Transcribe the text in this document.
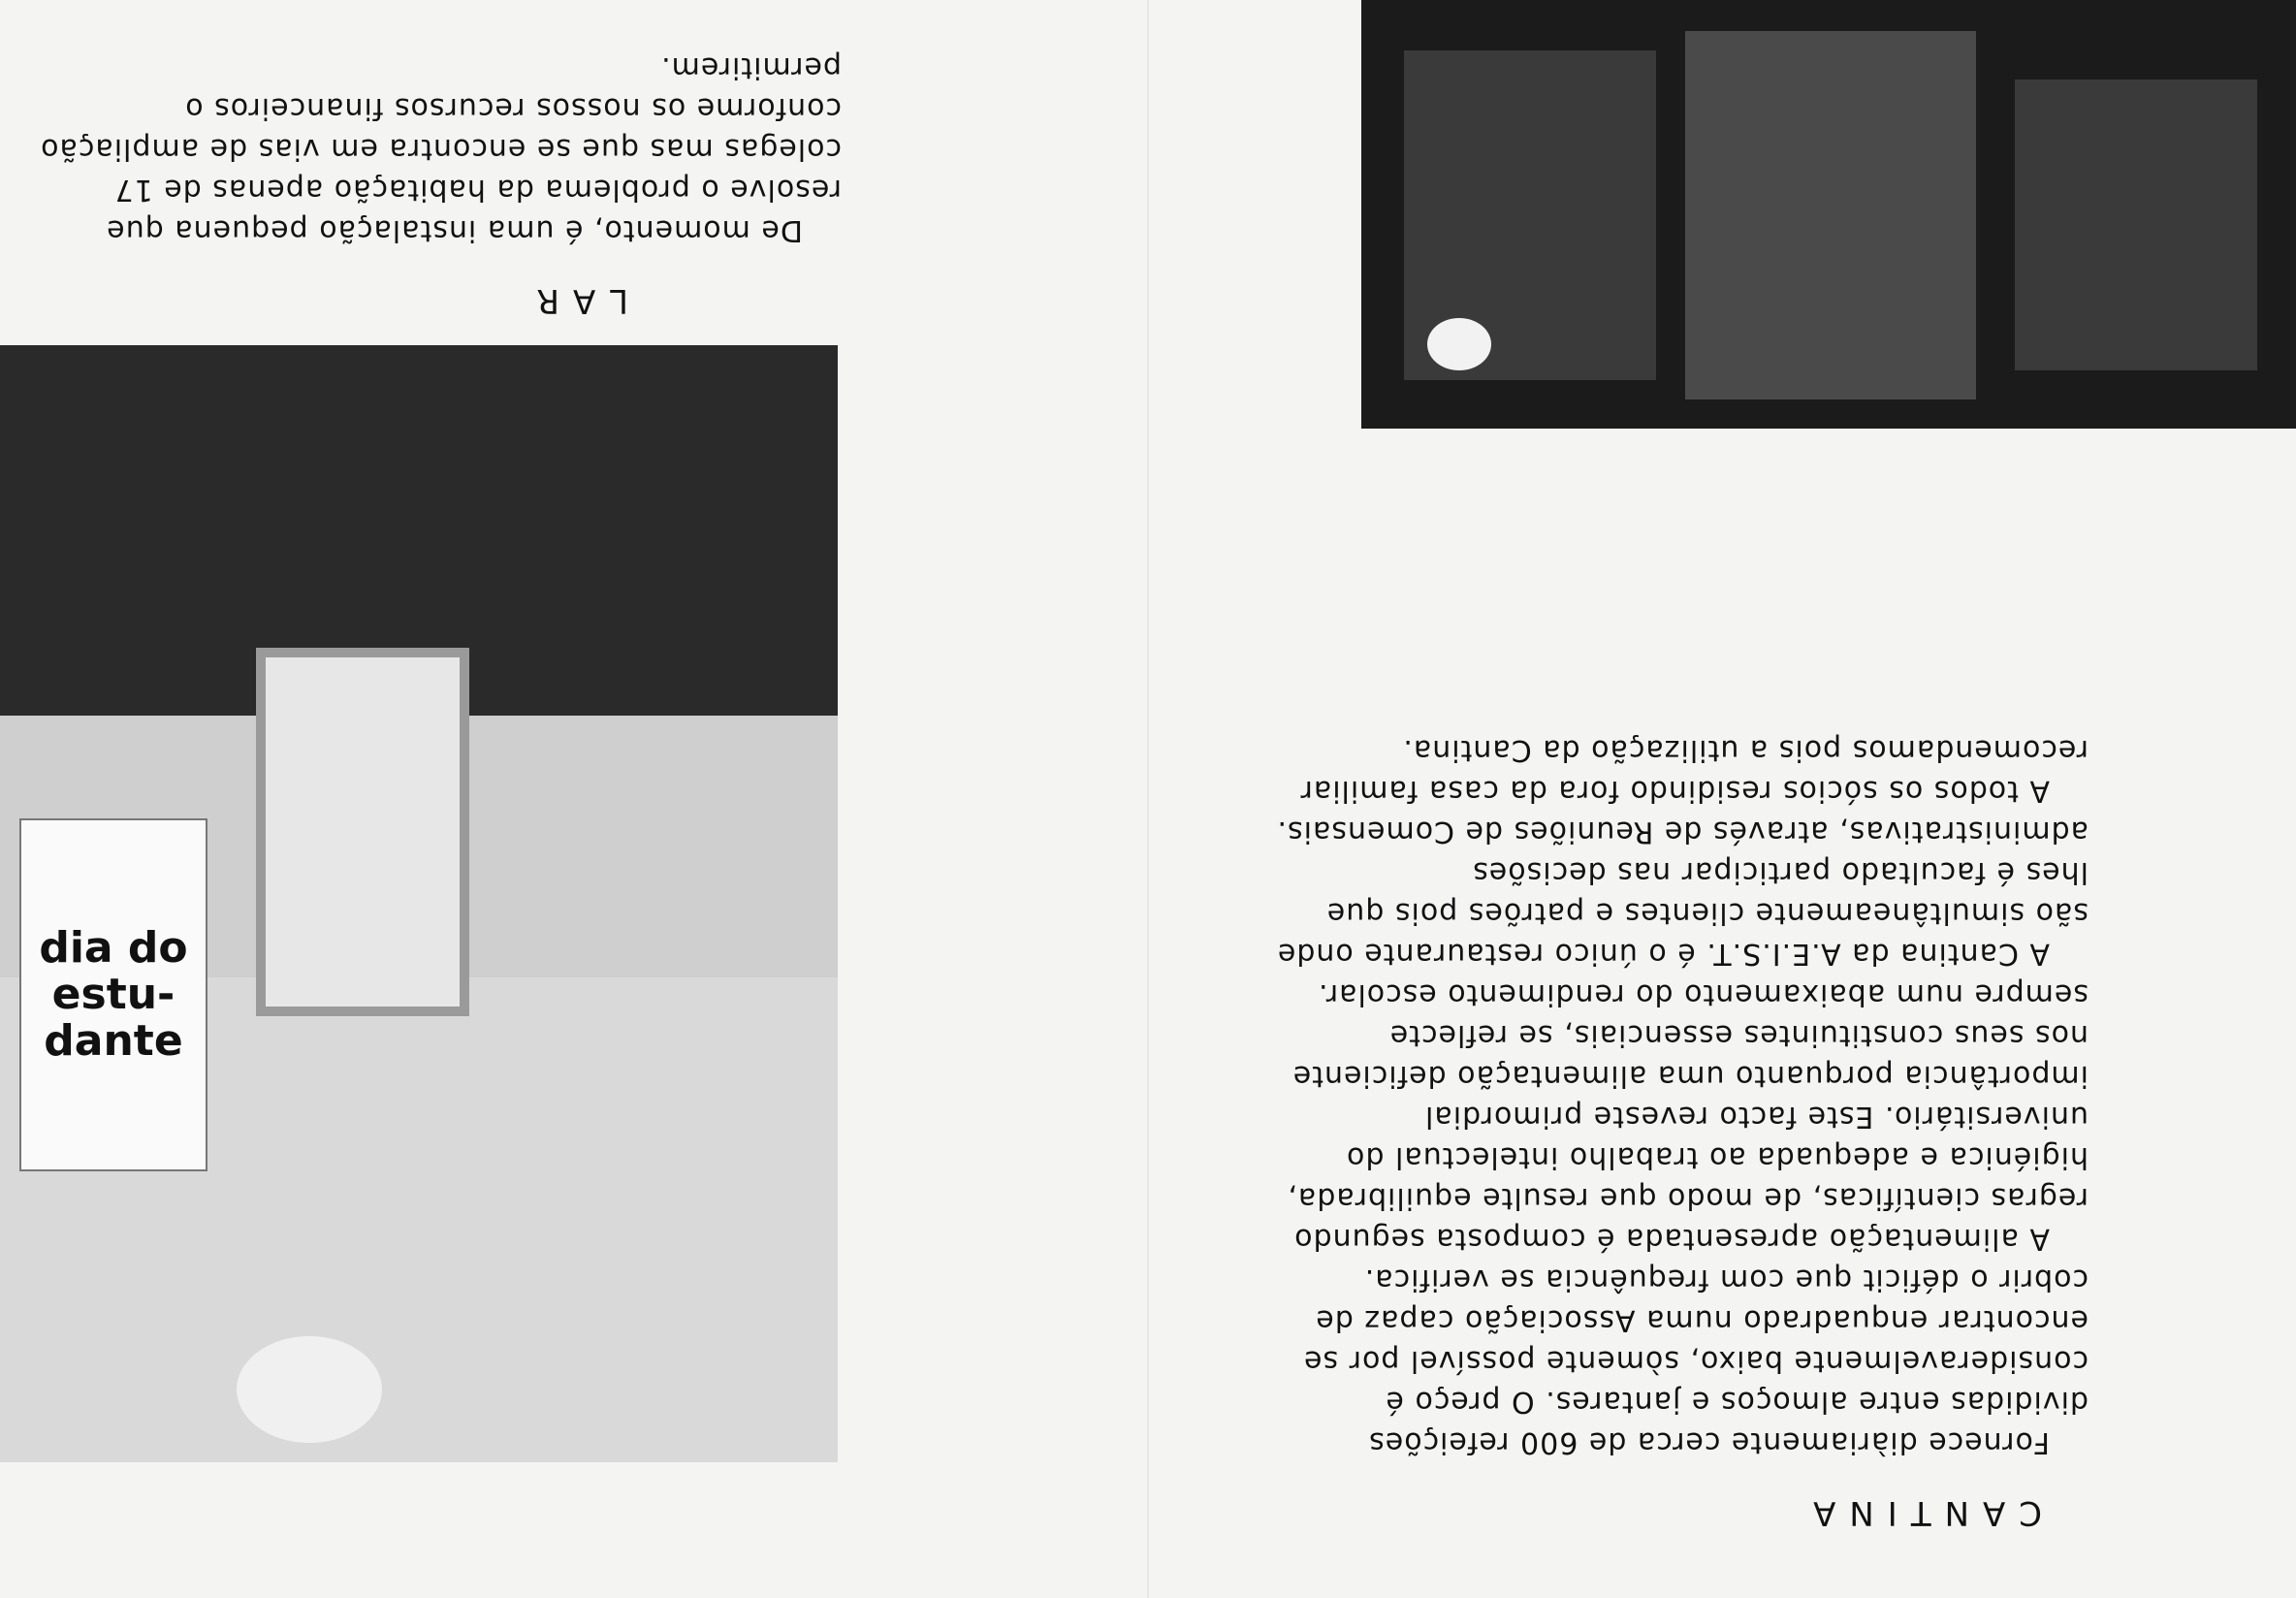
CANTINA

Fornece diàriamente cerca de 600 refeições divididas entre almoços e jantares. O preço é consideravelmente baixo, sòmente possível por se encontrar enquadrado numa Associação capaz de cobrir o déficit que com frequência se verifica.

A alimentação apresentada é composta segundo regras científicas, de modo que resulte equilibrada, higiénica e adequada ao trabalho intelectual do universitário. Este facto reveste primordial importância porquanto uma alimentação deficiente nos seus constituintes essenciais, se reflecte sempre num abaixamento do rendimento escolar.

A Cantina da A.E.I.S.T. é o único restaurante onde são simultâneamente clientes e patrões pois que lhes é facultado participar nas decisões administrativas, através de Reuniões de Comensais.

A todos os sócios residindo fora da casa familiar recomendamos pois a utilização da Cantina.

dia do
estu-
dante
LAR

De momento, é uma instalação pequena que resolve o problema da habitação apenas de 17 colegas mas que se encontra em vias de ampliação conforme os nossos recursos financeiros o permitirem.
